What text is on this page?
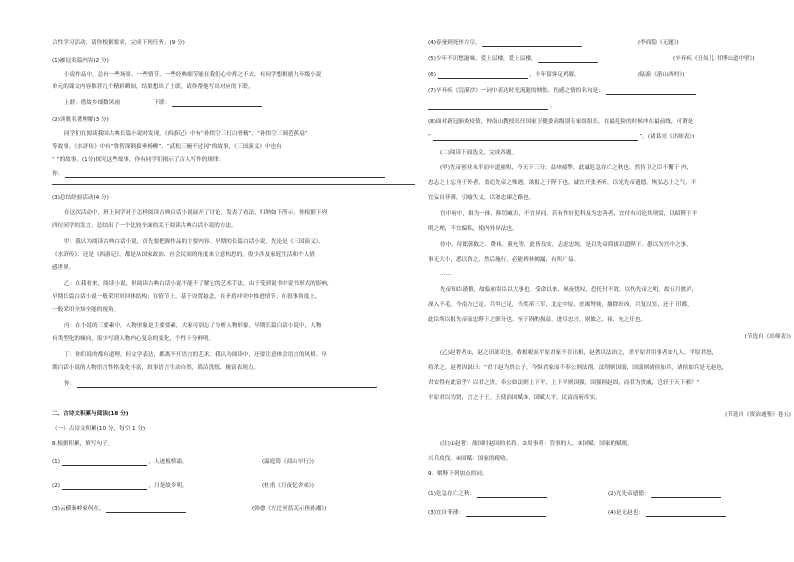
合性学习活动，请你根据要求，完成下列任务。(9 分)
(1)雁逗名篇内容(2 分)
小说作品中，总有一些场景、一些情节、一些经典细节能在我们心中挥之不去。有同学想根据九年级小说
单元的课文内容推荐几个精彩瞬间，结果想出了上联，请你帮他写出对应的下联。
上联：借故乡细数风雨	下联：
(2)谈歌名著理解(3 分)
同学们在阅读我国古典长篇小说时发现，《西游记》中有“孙悟空三打白骨精”、“孙悟空三调芭蕉扇”
等故事。《水浒传》中有“鲁智深倒拔垂杨柳”、“武松三碗不过冈”的故事，《三国演义》中也有
“ ”的故事。(1分)探究这些故事，你有同学们揭示了古人写作的规律：
你：
(3)总结经验活动(4 分)
在这次活动中，班上同学对于怎样阅读古典白话小说展开了讨论，发表了看法，归纳如下所示。你根据下列
四位同学的发言，总结出了一个比较全面的关于阅读古典白话小说的方法。
甲：我认为阅读古典白话小说，首先要把握作品的主要内容。早期的长篇白话小说，先论是《三国演义》、
《水浒传》、还是《西游记》，都是从国家政治、社会民间的角度来立意构思的，很少涉及家庭生活和个人情
感世界。
乙：在我看来，阅读小说，但阅读古典白话小说不能不了解它的艺术手法。由于受到说书中说书形式的影响，
早期长篇白话小说一般采用章回体结构；在情节上，基于设置悬念，在矛盾冲突中推进情节；在叙事角度上，
一般采用全知全能的视角。
丙：在小说的三要素中，人物形象是主要要素，大家可别忘了分析人物形象。早期长篇白话小说中，人物
有类型化的倾向，很少写到人物内心复杂的变化，个性十分鲜明。
丁：你们说的都有道理，但文学表达，都离不开语言的艺术。我认为阅读中，还要注意体会语言的风格。早
期白话小说的人物语言性格变化丰富，叙事语言生动自然，简洁洗练，极富表现力。
你：
二、古诗文积累与阅读(18 分)
（一）古诗文积累(10 分，每空 1 分)
8.根据积累，填写句子。
(1)	，人迹板桥霜。	(温庭筠《商山早行》)
(2)	，月是故乡明。	(杜甫《月夜忆舍弟》)
(3)云横秦岭家何在，	(韩愈《左迁至蓝关示侄孙湘》)
(4)春蚕到死丝方尽，	(李商隐《无题》)
(5)少年不识愁滋味，爱上层楼，爱上层楼，	(辛弃疾《丑奴儿·书博山道中壁》)
(6)	，丰年留客足鸡豚。	(陆游《游山西村》)
(7)辛弃疾《浣溪沙》一词中表达时光流逝的惆怅、伤感之情的名句是：
。
(8)面对新冠肺炎疫情，钟南山教授出任国家卫健委高级别专家组组长，在最危险的时候冲在最前线，可谓是
“	”。(诸葛亮《出师表》)
(二)阅读下面选文，完成各题。
(甲)先帝创业未半而中道崩殂，今天下三分，益州疲弊，此诚危急存亡之秋也。然侍卫之臣不懈于 内，
忠志之士忘身于外者，盖追先帝之殊遇，欲报之于陛下也。诚宜开张圣听，以光先帝遗德，恢弘志士之气，不
宜妄自菲薄，引喻失义，以塞忠谏之路也。
宫中府中，俱为一体，陟罚臧否，不宜异同。若有作奸犯科及为忠善者，宜付有司论其刑赏，以昭陛下平
明之理，不宜偏私，使内外异法也。
侍中、侍郎郭攸之、费祎、董允等，此皆良实，志虑忠纯，是以先帝简拔以遗陛下。愚以为宫中之事，
事无大小，悉以咨之，然后施行，必能裨补阙漏，有所广益。
……
先帝知臣谨慎，故临崩寄臣以大事也。受命以来，夙夜忧叹，恐托付不效，以伤先帝之明，故五月渡泸，
深入不毛。今南方已定，兵甲已足，当奖率三军，北定中原，庶竭驽钝，攘除奸凶，兴复汉室，还于 旧都，
此臣所以报先帝而忠陛下之职分也。至于斟酌损益，进尽忠言，则攸之、祎、允之任也。
(节选自《出师表》)
(乙)赵奢者①，赵之田部吏也。收租税而平原君家不肯出租，赵奢以法治之，杀平原君用事者②九人。平原君怒，
将杀之。赵奢因说曰：“君于赵为贵公子，今纵君家而不奉公则法削，法削则国弱，国弱则诸侯加兵，诸侯加兵是无赵也，
君安得有此富乎？以君之贵，奉公如法则上下平，上下平则国强，国强则赵固，而君为贵戚，岂轻于天下邪？”
平原君以为贤，言之于王。王使治国赋③，国赋大平，民富而府库实。
(节选自《资治通鉴》卷五)
(注)①赵奢：战国时赵国的名将。②用事者：管事的人。③国赋：国家的赋税。
兴兵攻伐。④国赋：国家的税收。
9．解释下列加点的词。
(1)危急存亡之秋：	(2)光先帝遗德：
(3)宜自菲薄：	(4)是无赵也：
